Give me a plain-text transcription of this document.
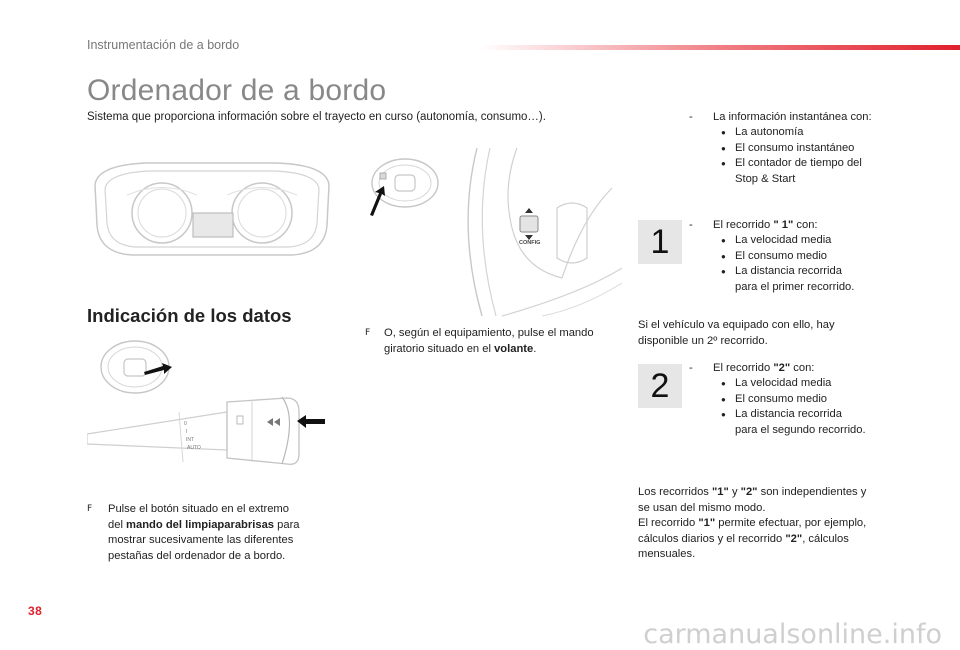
Instrumentación de a bordo
Ordenador de a bordo
Sistema que proporciona información sobre el trayecto en curso (autonomía, consumo…).
CONFIG
Indicación de los datos
0
I
INT
AUTO
F O, según el equipamiento, pulse el mando
giratorio situado en el volante.
F Pulse el botón situado en el extremo
del mando del limpiaparabrisas para
mostrar sucesivamente las diferentes
pestañas del ordenador de a bordo.
-	La información instantánea con:
● La autonomía
● El consumo instantáneo
● El contador de tiempo del
Stop & Start
1	-	El recorrido " 1" con:
● La velocidad media
● El consumo medio
● La distancia recorrida
para el primer recorrido.
Si el vehículo va equipado con ello, hay
disponible un 2º recorrido.
2	-	El recorrido "2" con:
● La velocidad media
● El consumo medio
● La distancia recorrida
para el segundo recorrido.
Los recorridos "1" y "2" son independientes y
se usan del mismo modo.
El recorrido "1" permite efectuar, por ejemplo,
cálculos diarios y el recorrido "2", cálculos
mensuales.
38
carmanualsonline.info
